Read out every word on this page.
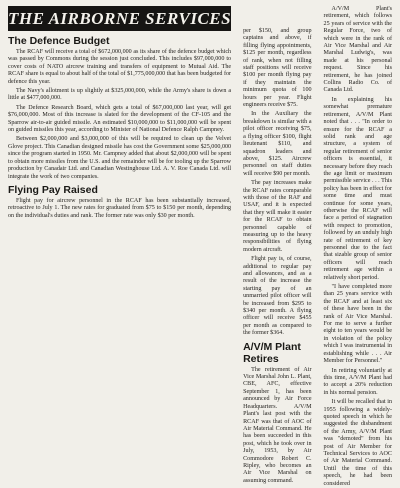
THE AIRBORNE SERVICES
The Defence Budget

The RCAF will receive a total of $672,000,000 as its share of the defence budget which was passed by Commons during the session just concluded. This includes $97,000,000 to cover costs of NATO aircrew training and transfers of equipment to Mutual Aid. The RCAF share is equal to about half of the total of $1,775,000,000 that has been budgeted for defence this year.

The Navy's allotment is up slightly at $325,000,000, while the Army's share is down a little at $477,000,000.

The Defence Research Board, which gets a total of $67,000,000 last year, will get $76,000,000. Most of this increase is slated for the development of the CF-105 and the Sparrow air-to-air guided missile. An estimated $10,000,000 to $11,000,000 will be spent on guided missiles this year, according to Minister of National Defence Ralph Campney.

Between $2,000,000 and $3,000,000 of this will be required to clean up the Velvet Glove project. This Canadian designed missile has cost the Government some $25,000,000 since the program started in 1950. Mr. Campney added that about $2,000,000 will be spent to obtain more missiles from the U.S. and the remainder will be for tooling up the Sparrow production by Canadair Ltd. and Canadian Westinghouse Ltd. A. V. Roe Canada Ltd. will integrate the work of two companies.

Flying Pay Raised

Flight pay for aircrew personnel in the RCAF has been substantially increased, retroactive to July 1. The new rates for graduated from $75 to $150 per month, depending on the individual's duties and rank. The former rate was only $30 per month.

per $150, and group captains and above, if filling flying appointments, $125 per month, regardless of rank, when not filling staff positions will receive $100 per month flying pay if they maintain the minimum quota of 100 hours per year. Flight engineers receive $75.

In the Auxiliary the breakdown is similar with a pilot officer receiving $75, a flying officer $100, flight lieutenant $110, and squadron leaders and above, $125. Aircrew personnel on staff duties will receive $90 per month.

The pay increases make the RCAF rates comparable with those of the RAF and USAF, and it is expected that they will make it easier for the RCAF to obtain personnel capable of measuring up to the heavy responsibilities of flying modern aircraft.

Flight pay is, of course, additional to regular pay and allowances, and as a result of the increase the starting pay of an unmarried pilot officer will be increased from $295 to $340 per month. A flying officer will receive $455 per month as compared to the former $364.

A/V/M Plant Retires

The retirement of Air Vice Marshal John L. Plant, CBE, AFC, effective September 1, has been announced by Air Force Headquarters. A/V/M Plant's last post with the RCAF was that of AOC of Air Material Command. He has been succeeded in this post, which he took over in July, 1953, by Air Commodore Robert C. Ripley, who becomes an Air Vice Marshal on assuming command.

A/V/M Plant's retirement, which follows 25 years of service with the Regular Force, two of which were in the rank of Air Vice Marshal and Air Marshal Ludwig's, was made at his personal request. Since his retirement, he has joined Collins Radio Co. of Canada Ltd.

In explaining his somewhat premature retirement, A/V/M Plant noted that . . . "In order to ensure for the RCAF a solid rank and age structure, a system of regular retirement of senior officers is essential, it necessary before they reach the age limit or maximum permissible service . . . This policy has been in effect for some time and must continue for some years, otherwise the RCAF will face a period of stagnation with respect to promotion, followed by an unduly high rate of retirement of key personnel due to the fact that sizable group of senior officers will reach retirement age within a relatively short period.

"I have completed more than 25 years service with the RCAF and at least six of these have been in the rank of Air Vice Marshal. For me to serve a further eight to ten years would be in violation of the policy which I was instrumental in establishing while . . . Air Member for Personnel."

In retiring voluntarily at this time, A/V/M Plant had to accept a 20% reduction in his normal pension.

It will be recalled that in 1955 following a widely-quoted speech in which he suggested the disbandment of the Army, A/V/M Plant was "demoted" from his post of Air Member for Technical Services to AOC of Air Material Command. Until the time of this speech, he had been considered
